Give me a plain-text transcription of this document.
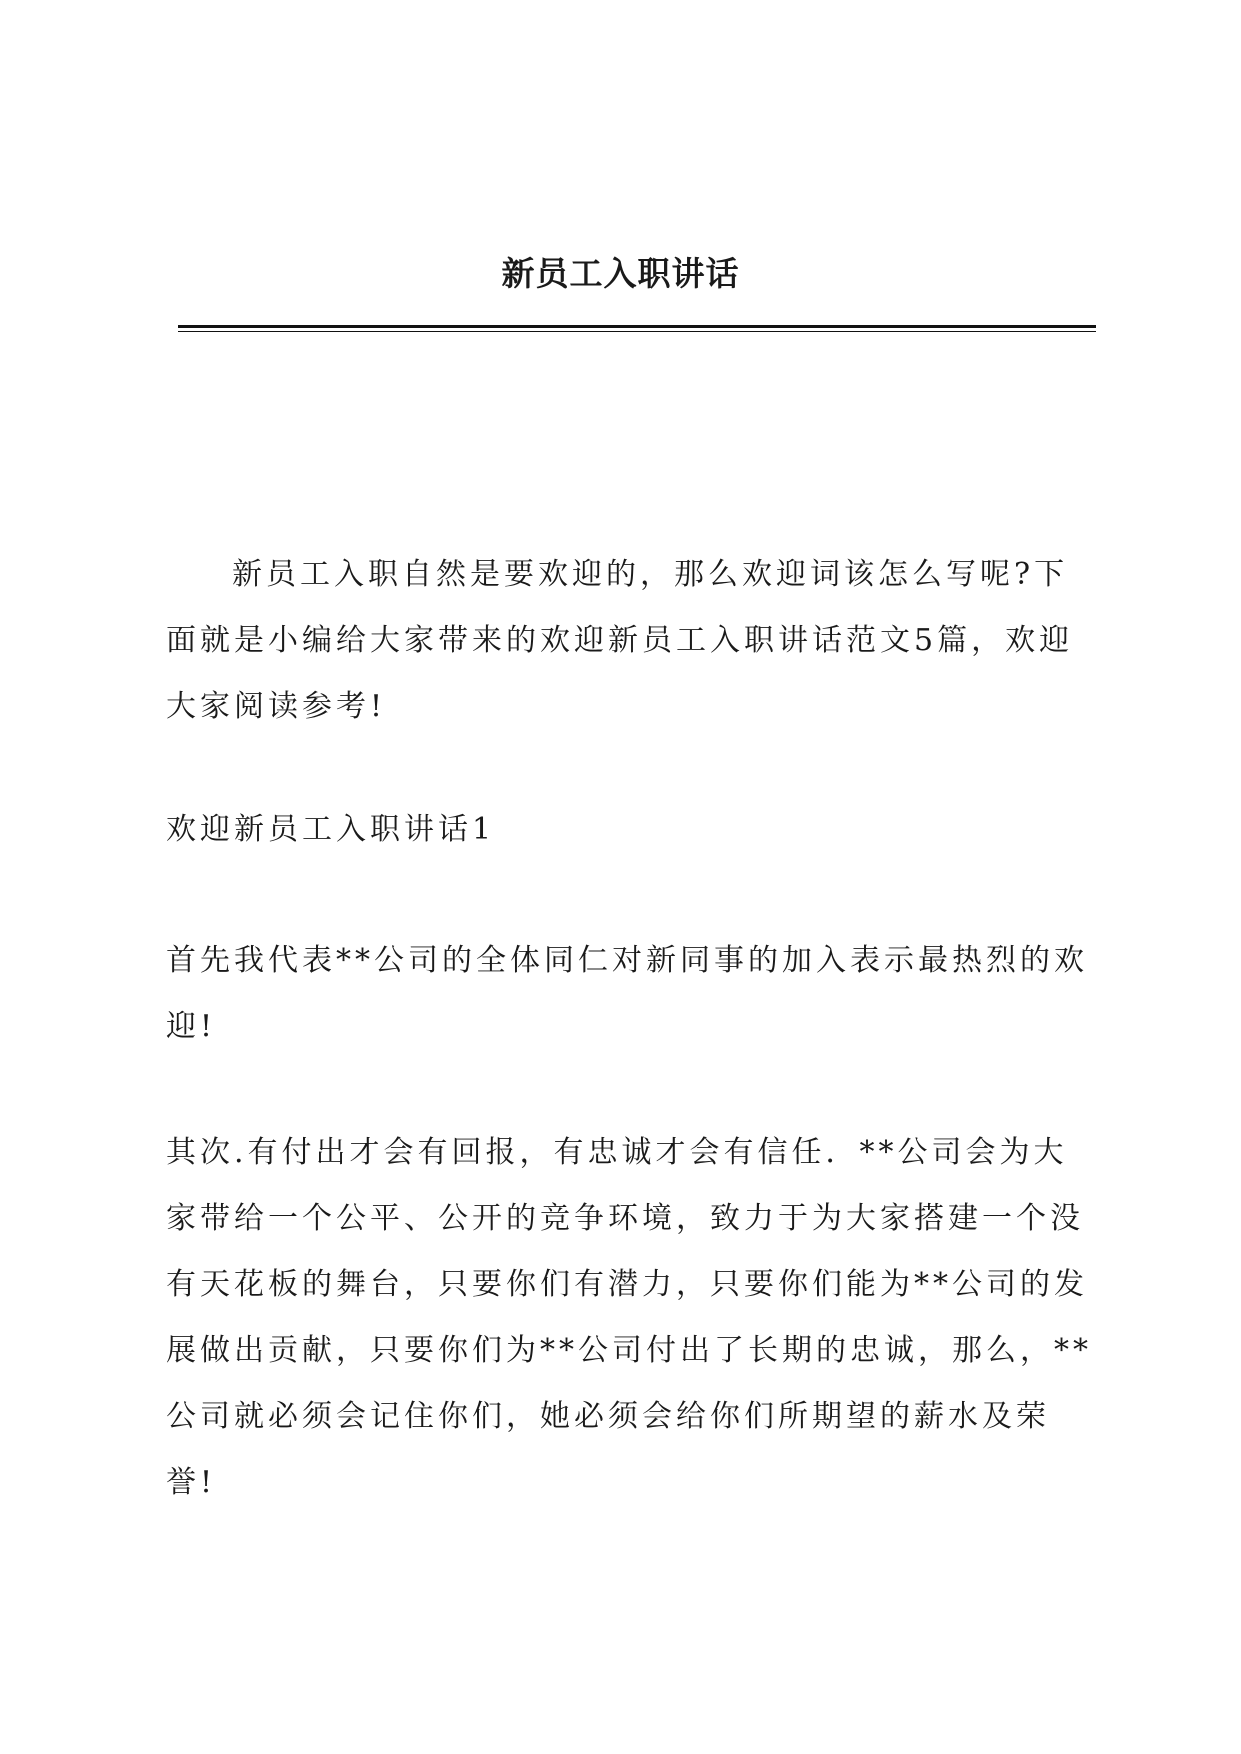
新员工入职讲话

新员工入职自然是要欢迎的，那么欢迎词该怎么写呢?下面就是小编给大家带来的欢迎新员工入职讲话范文5篇，欢迎大家阅读参考!

欢迎新员工入职讲话1

首先我代表**公司的全体同仁对新同事的加入表示最热烈的欢迎!

其次.有付出才会有回报，有忠诚才会有信任．**公司会为大家带给一个公平、公开的竞争环境，致力于为大家搭建一个没有天花板的舞台，只要你们有潜力，只要你们能为**公司的发展做出贡献，只要你们为**公司付出了长期的忠诚，那么，**公司就必须会记住你们，她必须会给你们所期望的薪水及荣誉!
